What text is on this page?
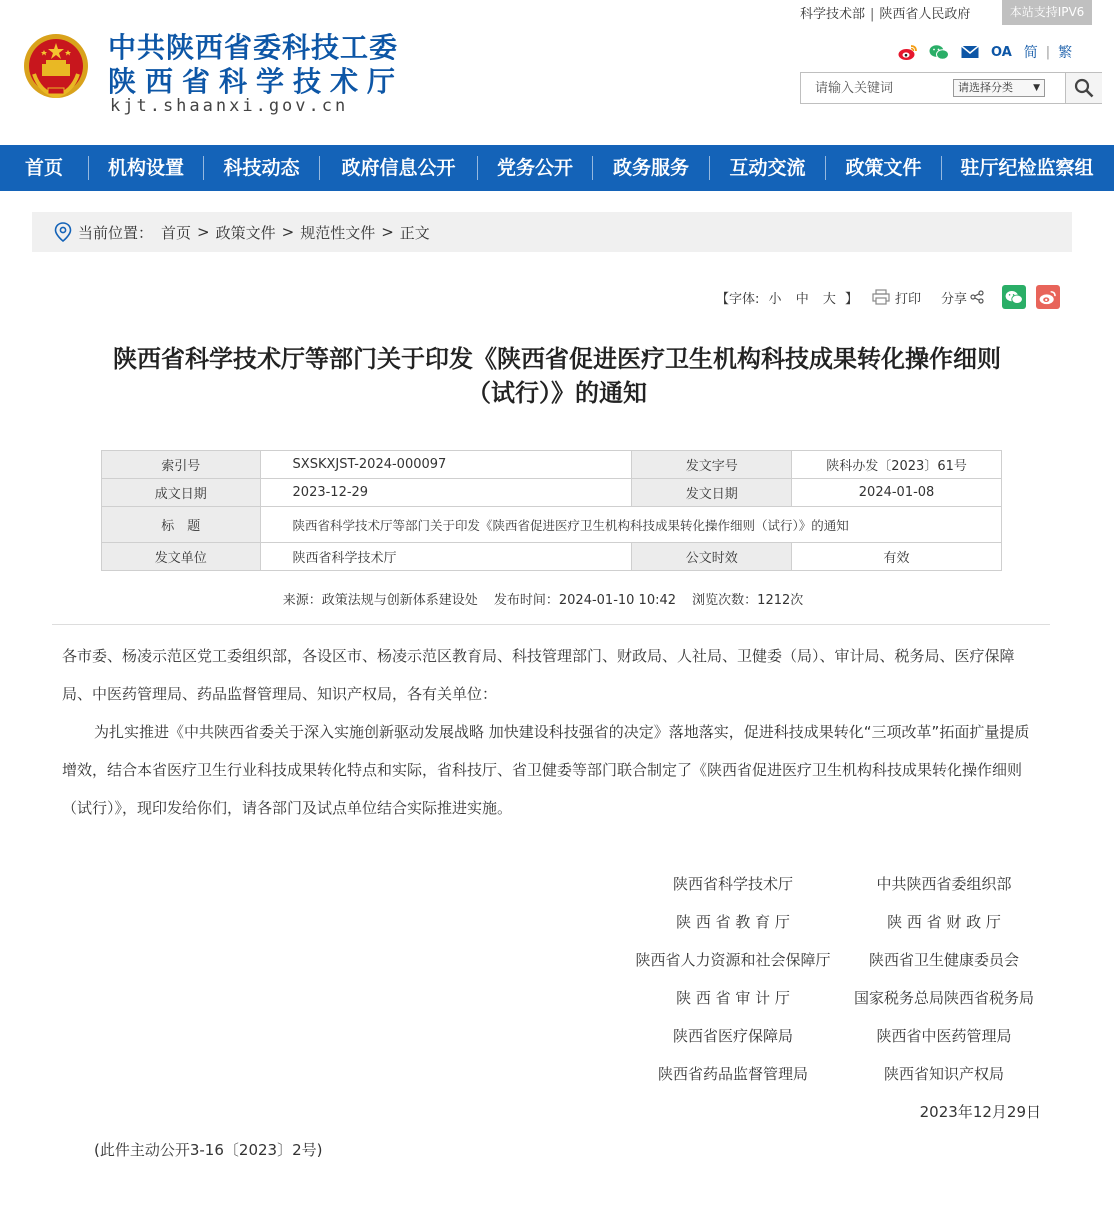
中共陕西省委科技工委
陕西省科学技术厅
kjt.shaanxi.gov.cn
科学技术部 | 陕西省人民政府	本站支持IPV6
OA 简 | 繁
请输入关键词
请选择分类 ▼
首页	机构设置	科技动态	政府信息公开	党务公开	政务服务	互动交流	政策文件	驻厅纪检监察组
当前位置： 首页 > 政策文件 > 规范性文件 > 正文
【字体: 小 中 大 】	打印 分享
陕西省科学技术厅等部门关于印发《陕西省促进医疗卫生机构科技成果转化操作细则
（试行）》的通知
索引号	SXSKXJST-2024-000097	发文字号	陕科办发〔2023〕61号
成文日期	2023-12-29	发文日期	2024-01-08
标　题	陕西省科学技术厅等部门关于印发《陕西省促进医疗卫生机构科技成果转化操作细则（试行）》的通知		
发文单位	陕西省科学技术厅	公文时效	有效
来源：政策法规与创新体系建设处 发布时间：2024-01-10 10:42 浏览次数：1212次
各市委、杨凌示范区党工委组织部，各设区市、杨凌示范区教育局、科技管理部门、财政局、人社局、卫健委（局）、审计局、税务局、医疗保障局、中医药管理局、药品监督管理局、知识产权局，各有关单位：
为扎实推进《中共陕西省委关于深入实施创新驱动发展战略 加快建设科技强省的决定》落地落实，促进科技成果转化“三项改革”拓面扩量提质增效，结合本省医疗卫生行业科技成果转化特点和实际，省科技厅、省卫健委等部门联合制定了《陕西省促进医疗卫生机构科技成果转化操作细则（试行）》，现印发给你们，请各部门及试点单位结合实际推进实施。
陕西省科学技术厅	中共陕西省委组织部
陕 西 省 教 育 厅	陕 西 省 财 政 厅
陕西省人力资源和社会保障厅	陕西省卫生健康委员会
陕 西 省 审 计 厅	国家税务总局陕西省税务局
陕西省医疗保障局	陕西省中医药管理局
陕西省药品监督管理局	陕西省知识产权局
2023年12月29日
(此件主动公开3-16〔2023〕2号)
